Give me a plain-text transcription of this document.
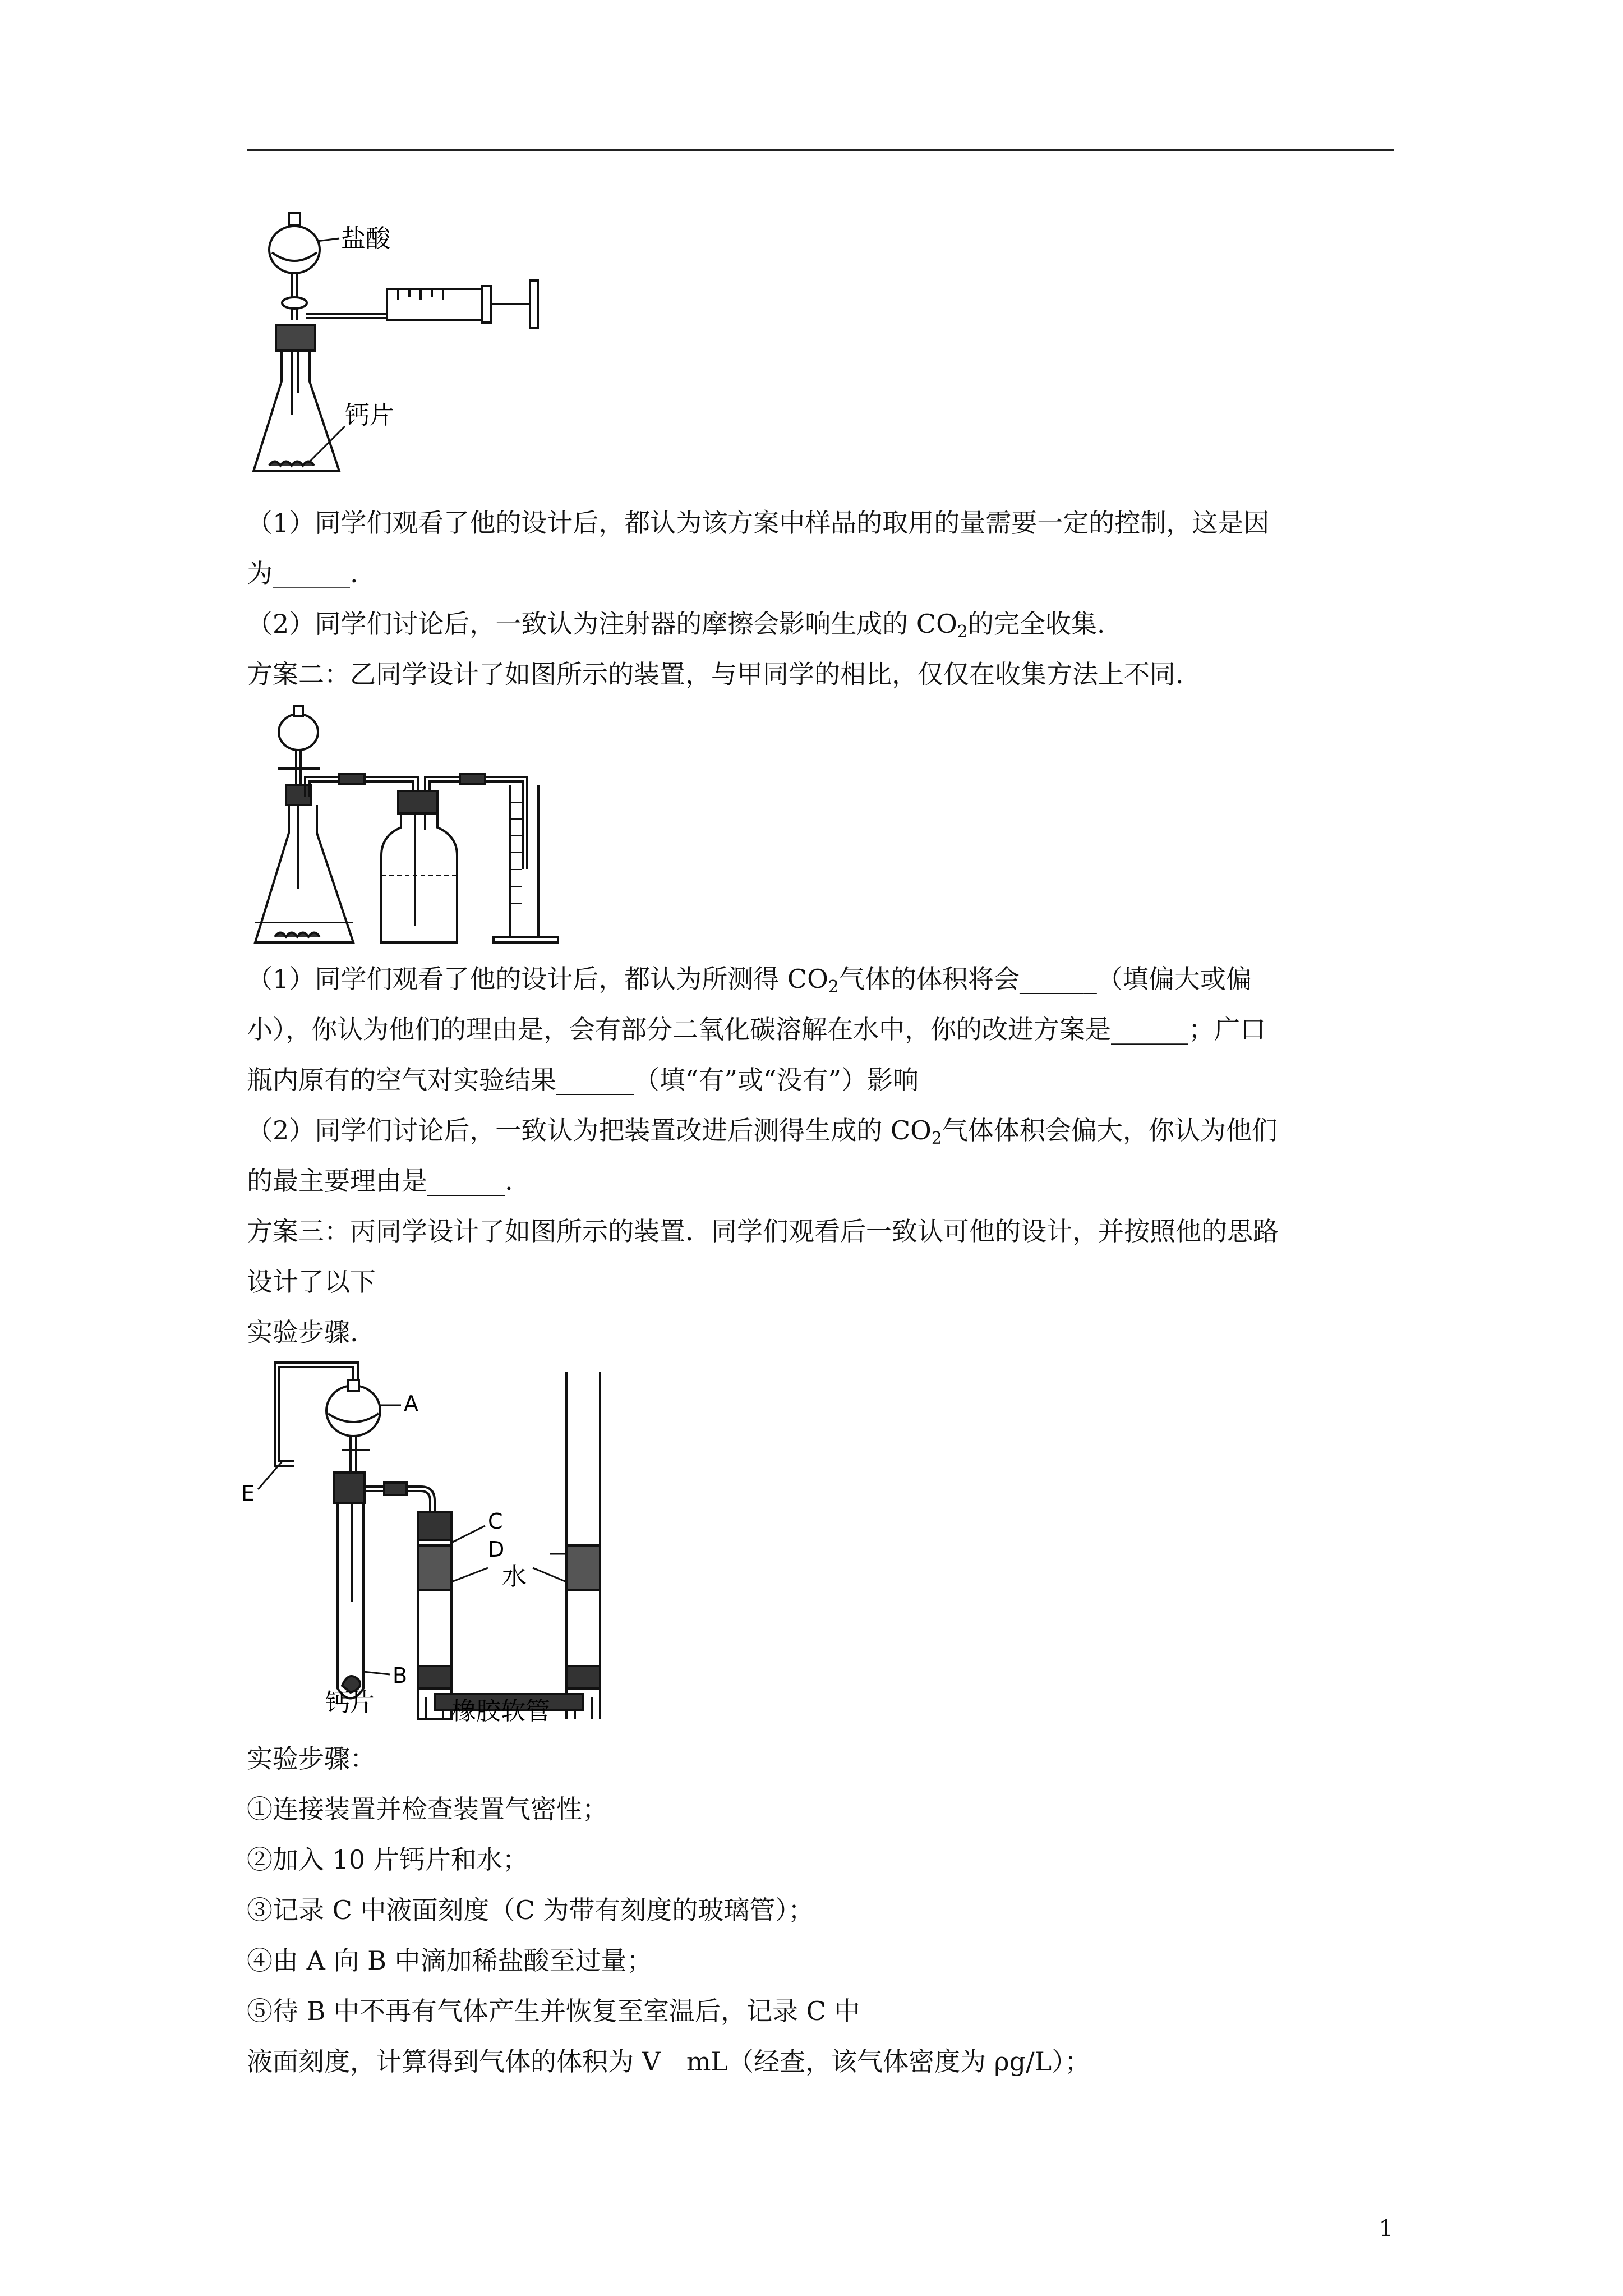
盐酸
钙片
（1）同学们观看了他的设计后，都认为该方案中样品的取用的量需要一定的控制，这是因
为______.
（2）同学们讨论后，一致认为注射器的摩擦会影响生成的 $CO_2$的完全收集.
方案二：乙同学设计了如图所示的装置，与甲同学的相比，仅仅在收集方法上不同.
（1）同学们观看了他的设计后，都认为所测得 $CO_2$气体的体积将会______（填偏大或偏
小），你认为他们的理由是，会有部分二氧化碳溶解在水中，你的改进方案是______；广口
瓶内原有的空气对实验结果______（填“有”或“没有”）影响
（2）同学们讨论后，一致认为把装置改进后测得生成的 $CO_2$气体体积会偏大，你认为他们
的最主要理由是______.
方案三：丙同学设计了如图所示的装置．同学们观看后一致认可他的设计，并按照他的思路
设计了以下
实验步骤.
A
E
B
C
D
水
钙片	橡胶软管
实验步骤：
①连接装置并检查装置气密性；
②加入 10 片钙片和水；
③记录 C 中液面刻度（C 为带有刻度的玻璃管）；
④由 A 向 B 中滴加稀盐酸至过量；
⑤待 B 中不再有气体产生并恢复至室温后，记录 C 中
液面刻度，计算得到气体的体积为 V　mL（经查，该气体密度为 ρg/L）；
1
